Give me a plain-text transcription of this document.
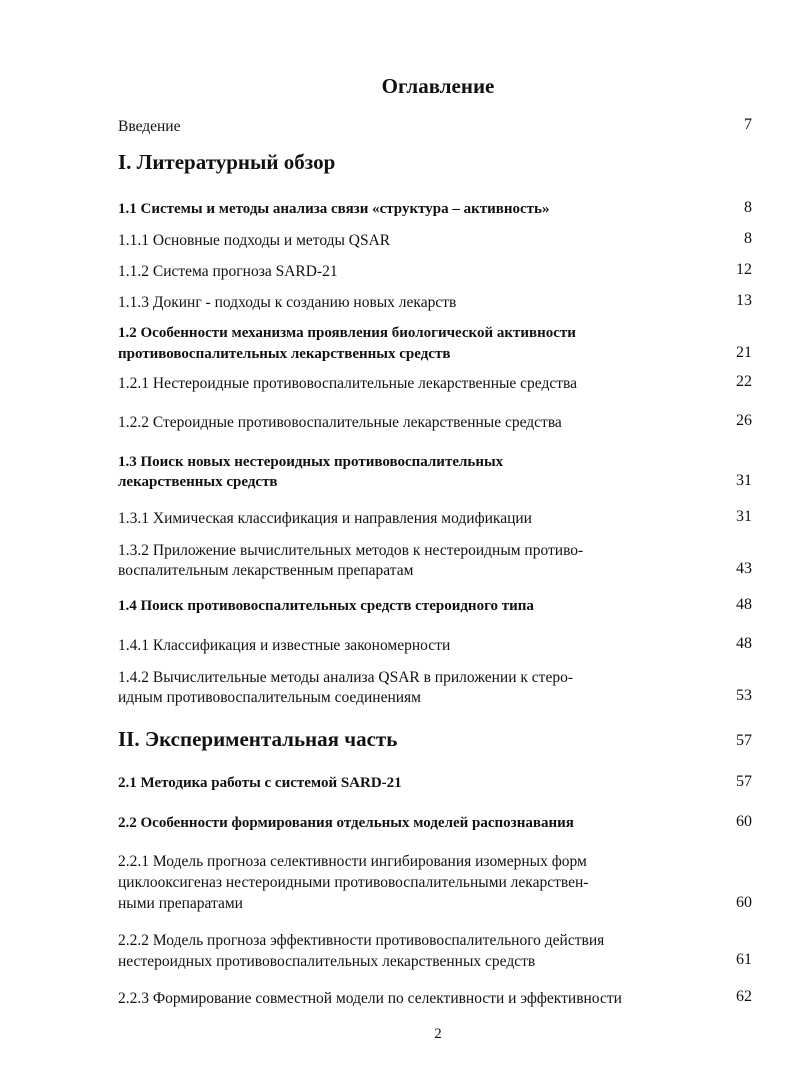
Оглавление
Введение	7
I. Литературный обзор
1.1 Системы и методы анализа связи «структура – активность»	8
1.1.1 Основные подходы и методы QSAR	8
1.1.2 Система прогноза SARD-21	12
1.1.3 Докинг - подходы к созданию новых лекарств	13
1.2 Особенности механизма проявления биологической активности
противовоспалительных лекарственных средств	21
1.2.1 Нестероидные противовоспалительные лекарственные средства	22
1.2.2 Стероидные противовоспалительные лекарственные средства	26
1.3 Поиск новых нестероидных противовоспалительных
лекарственных средств	31
1.3.1 Химическая классификация и направления модификации	31
1.3.2 Приложение вычислительных методов к нестероидным противо-
воспалительным лекарственным препаратам	43
1.4 Поиск противовоспалительных средств стероидного типа	48
1.4.1 Классификация и известные закономерности	48
1.4.2 Вычислительные методы анализа QSAR в приложении к стеро-
идным противовоспалительным соединениям	53
II. Экспериментальная часть	57
2.1 Методика работы с системой SARD-21	57
2.2 Особенности формирования отдельных моделей распознавания	60
2.2.1 Модель прогноза селективности ингибирования изомерных форм
циклооксигеназ нестероидными противовоспалительными лекарствен-
ными препаратами	60
2.2.2 Модель прогноза эффективности противовоспалительного действия
нестероидных противовоспалительных лекарственных средств	61
2.2.3 Формирование совместной модели по селективности и эффективности	62
2
